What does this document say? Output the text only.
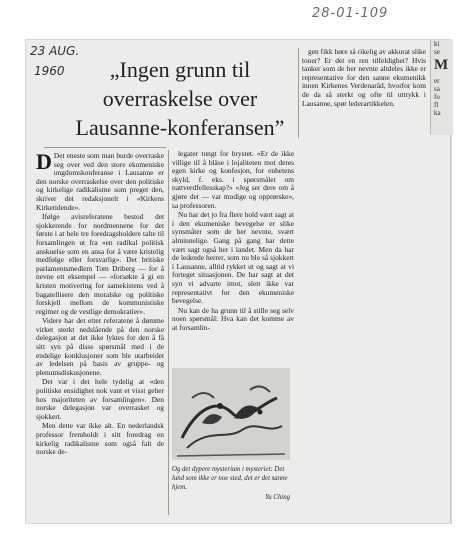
28-01-109
ki
se
M
er
sa
fo
fl
ka
23 AUG.
1960	„Ingen grunn til
overraskelse over
Lausanne-konferansen”

D Det eneste som man burde overraske seg over ved den store ekumeniske ungdomskonferanse i Lausanne er den norske overraskelse over den politiske og kirkelige radikalisme som preget den, skriver det redaksjonelt i «Kirkens Kirketidende».

Ifølge avisreferatene bestod det sjokkerende for nordmennene for det første i at hele tre foredragsholdere talte til forsamlingen ut fra «en radikal politisk anskuelse som en ansa for å være kristelig medfølge eller forsvarlig». Det britiske parlamentsmedlem Tom Driberg — for å nevne ett eksempel — «forsøkte å gi en kristen motivering for samekistens ved å bagatellisere den moralske og politiske forskjell mellom de kommunistiske regimer og de vestlige demokratier».

Videre har det etter referatene å dømme virket sterkt nedslående på den norske delegasjon at det ikke lyktes for den å få sitt syn på disse spørsmål med i de endelige konklusjoner som ble utarbeidet av ledelsen på basis av gruppe- og plenumsdiskusjonene.

Det var i det hele tydelig at «den politiske ensidighet nok vant et visst geher hos majoriteten av forsamlingen». Den norske delegasjon var overrasket og sjokkert.

Men dette var ikke alt. En nederlandsk professor fremholdt i sitt foredrag en kirkelig radikalisme som også falt de norske de-

legater tungt for brystet. «Er de ikke villige til å bläse i lojaliteten mot deres egen kirke og konfesjon, for enhetens skyld, f. eks. i spørsmålet om nattverdfellesskap?» «Jeg ser dere om å gjøre det — var modige og opprørske», sa professoren.

Nu har det jo fra flere hold vært sagt at i den ekumeniske bevegelse er slike synsmåter som de her nevnte, svært alminnelige. Gang på gang har dette vært sagt også her i landet. Men da har de ledende herrer, som nu ble så sjokkert i Lausanne, alltid rykket ut og sagt at vi forteget situasjonen. De har sagt at det syn vi advarte imot, slett ikke var representativt for den ekumeniske bevegelse.

Nu kan de ha grunn til å stille seg selv noen spørsmål: Hva kan det komme av at forsamlin-

gen fikk høre så rikelig av akkurat slike toner? Er det en ren tilfeldighet? Hvis tanker som de her nevnte altdeles ikke er representative for den sanne ekumenikk innen Kirkenes Verdenaråd, hvorfor kom de da så sterkt og ofte til uttrykk i Lausanne, spør lederartikkelen.

Og det dypere mysterium i mysteriet: Det lund som ikke er noe sted, det er det sanne hjem.
Yu Ching
